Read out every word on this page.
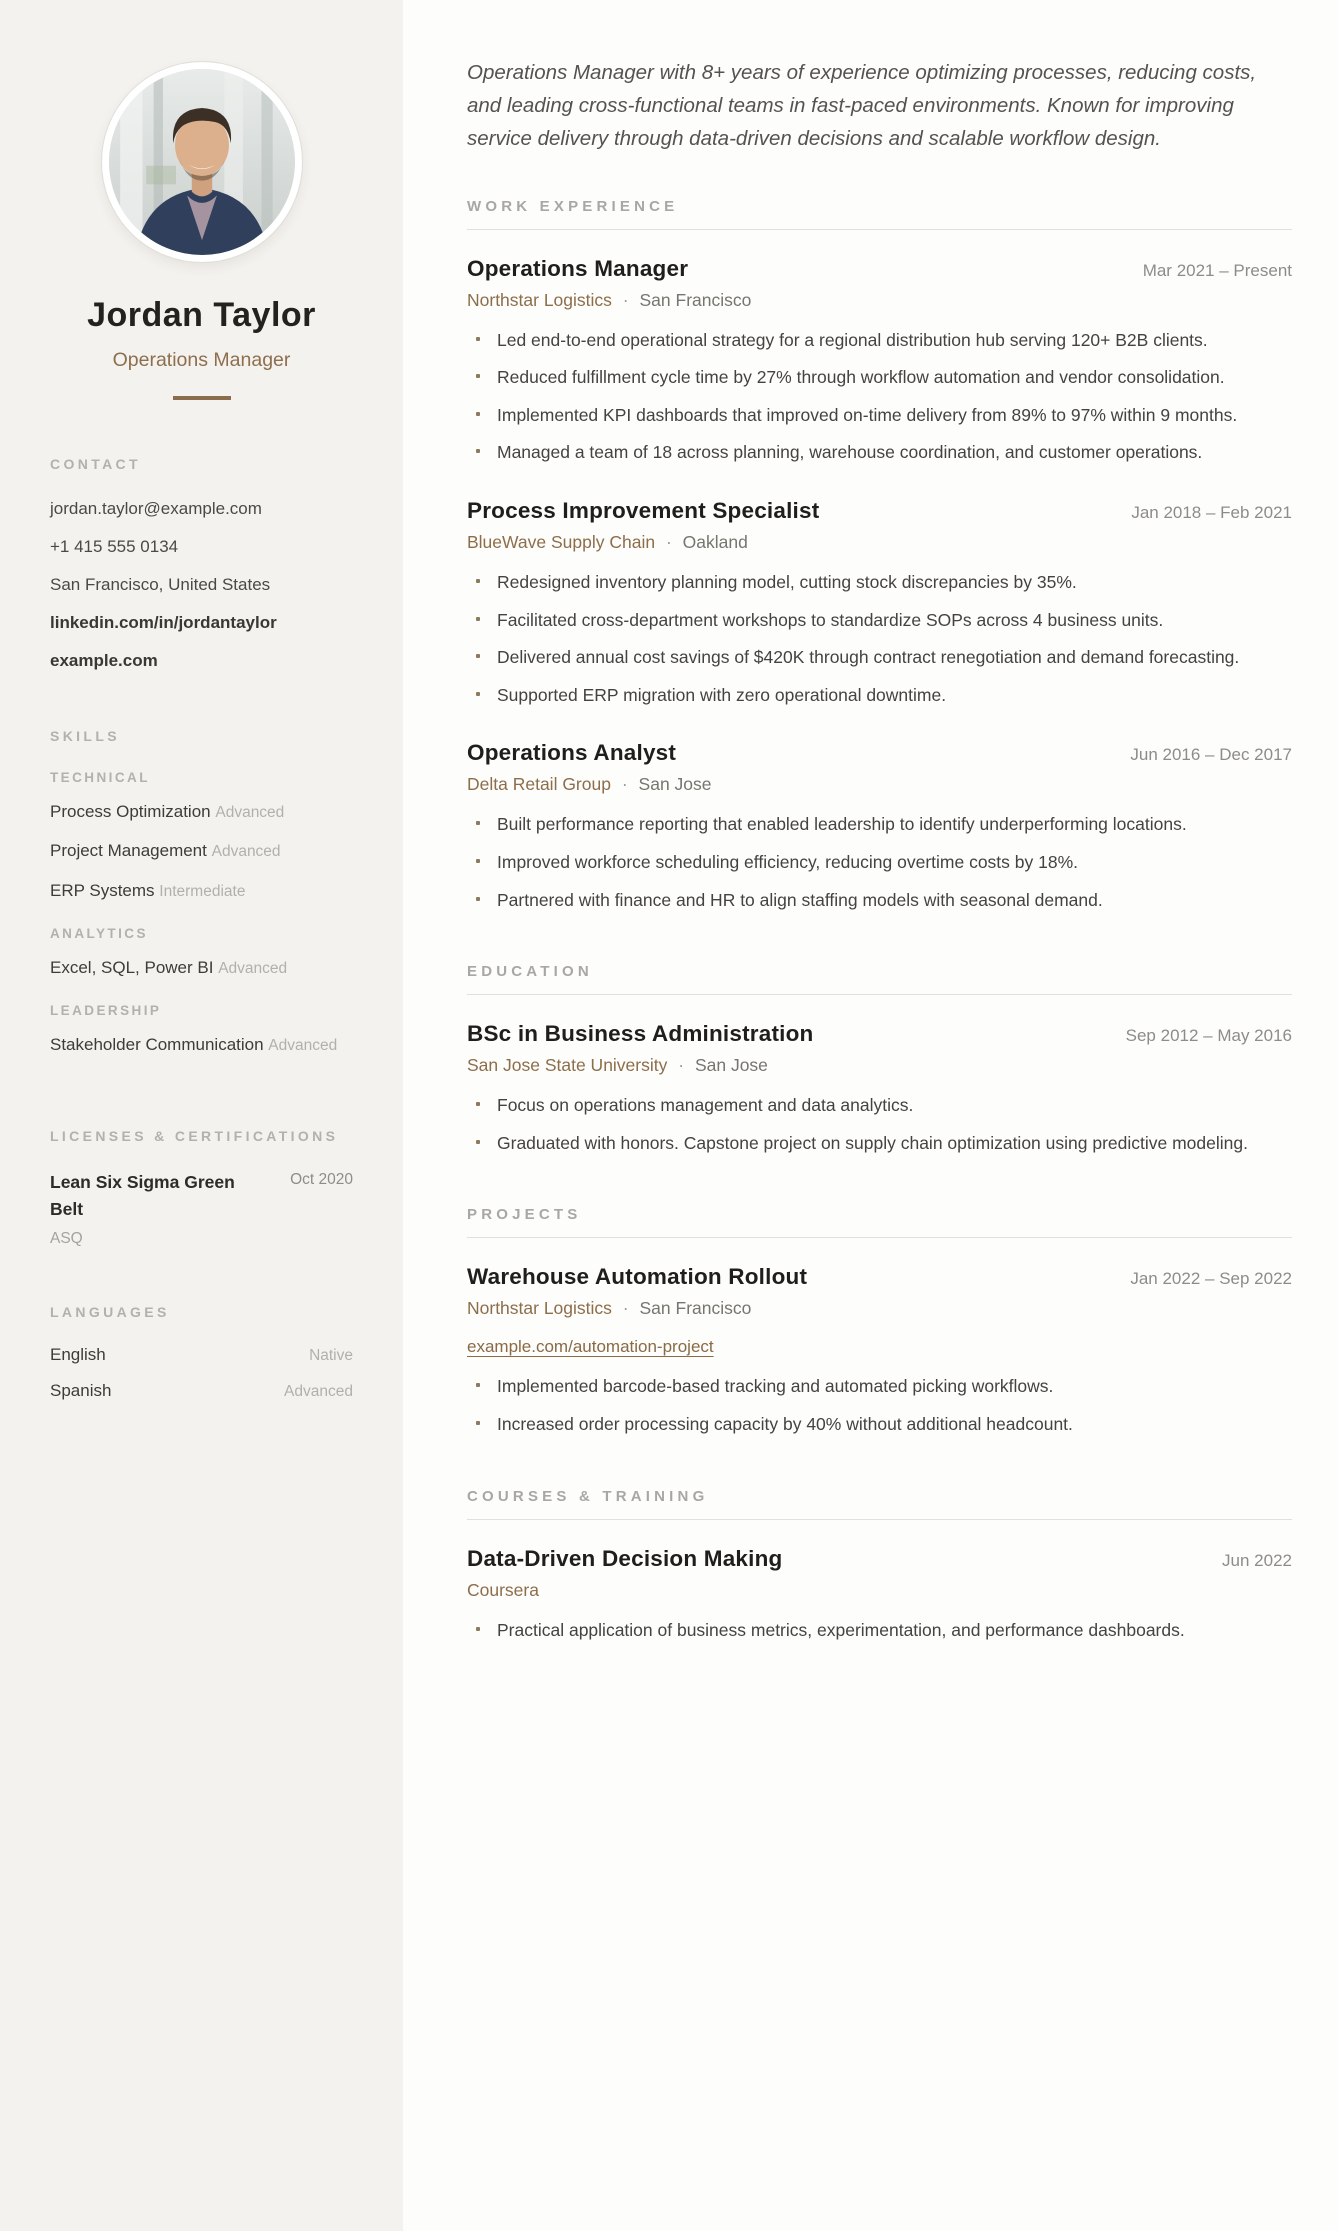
Jordan Taylor
Operations Manager
CONTACT
jordan.taylor@example.com
+1 415 555 0134
San Francisco, United States
linkedin.com/in/jordantaylor
example.com
SKILLS
TECHNICAL
Process Optimization Advanced
Project Management Advanced
ERP Systems Intermediate
ANALYTICS
Excel, SQL, Power BI Advanced
LEADERSHIP
Stakeholder Communication Advanced
LICENSES & CERTIFICATIONS
Lean Six Sigma Green Belt
Oct 2020
ASQ
LANGUAGES
English	Native
Spanish	Advanced

Operations Manager with 8+ years of experience optimizing processes, reducing costs, and leading cross-functional teams in fast-paced environments. Known for improving service delivery through data-driven decisions and scalable workflow design.

WORK EXPERIENCE
Operations Manager	Mar 2021 – Present
Northstar Logistics · San Francisco
Led end-to-end operational strategy for a regional distribution hub serving 120+ B2B clients.
Reduced fulfillment cycle time by 27% through workflow automation and vendor consolidation.
Implemented KPI dashboards that improved on-time delivery from 89% to 97% within 9 months.
Managed a team of 18 across planning, warehouse coordination, and customer operations.
Process Improvement Specialist	Jan 2018 – Feb 2021
BlueWave Supply Chain · Oakland
Redesigned inventory planning model, cutting stock discrepancies by 35%.
Facilitated cross-department workshops to standardize SOPs across 4 business units.
Delivered annual cost savings of $420K through contract renegotiation and demand forecasting.
Supported ERP migration with zero operational downtime.
Operations Analyst	Jun 2016 – Dec 2017
Delta Retail Group · San Jose
Built performance reporting that enabled leadership to identify underperforming locations.
Improved workforce scheduling efficiency, reducing overtime costs by 18%.
Partnered with finance and HR to align staffing models with seasonal demand.
EDUCATION
BSc in Business Administration	Sep 2012 – May 2016
San Jose State University · San Jose
Focus on operations management and data analytics.
Graduated with honors. Capstone project on supply chain optimization using predictive modeling.
PROJECTS
Warehouse Automation Rollout	Jan 2022 – Sep 2022
Northstar Logistics · San Francisco
example.com/automation-project
Implemented barcode-based tracking and automated picking workflows.
Increased order processing capacity by 40% without additional headcount.
COURSES & TRAINING
Data-Driven Decision Making	Jun 2022
Coursera
Practical application of business metrics, experimentation, and performance dashboards.
